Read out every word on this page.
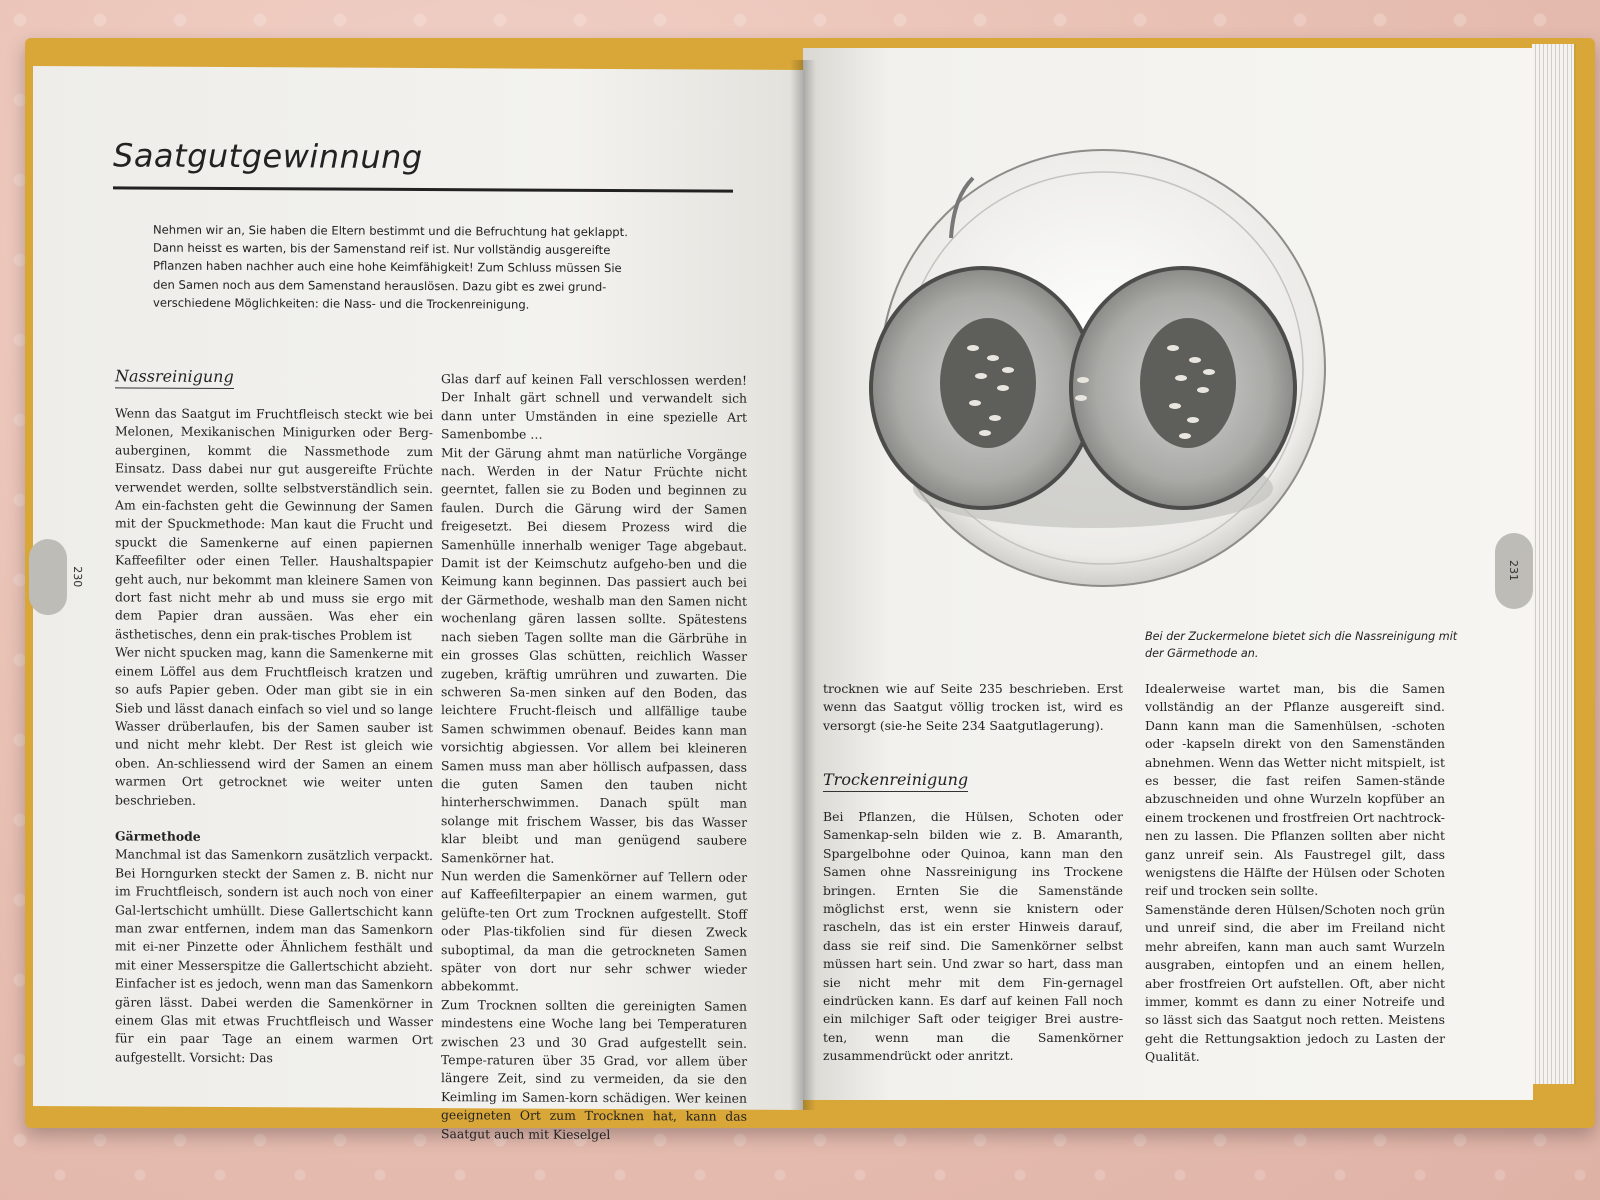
Saatgutgewinnung
Nehmen wir an, Sie haben die Eltern bestimmt und die Befruchtung hat geklappt.
Dann heisst es warten, bis der Samenstand reif ist. Nur vollständig ausgereifte
Pflanzen haben nachher auch eine hohe Keimfähigkeit! Zum Schluss müssen Sie
den Samen noch aus dem Samenstand herauslösen. Dazu gibt es zwei grund-
verschiedene Möglichkeiten: die Nass- und die Trockenreinigung.
Nassreinigung

Wenn das Saatgut im Fruchtfleisch steckt wie bei Melonen, Mexikanischen Minigurken oder Berg-auberginen, kommt die Nassmethode zum Einsatz. Dass dabei nur gut ausgereifte Früchte verwendet werden, sollte selbstverständlich sein. Am ein-fachsten geht die Gewinnung der Samen mit der Spuckmethode: Man kaut die Frucht und spuckt die Samenkerne auf einen papiernen Kaffeefilter oder einen Teller. Haushaltspapier geht auch, nur bekommt man kleinere Samen von dort fast nicht mehr ab und muss sie ergo mit dem Papier dran aussäen. Was eher ein ästhetisches, denn ein prak-tisches Problem ist

Wer nicht spucken mag, kann die Samenkerne mit einem Löffel aus dem Fruchtfleisch kratzen und so aufs Papier geben. Oder man gibt sie in ein Sieb und lässt danach einfach so viel und so lange Wasser drüberlaufen, bis der Samen sauber ist und nicht mehr klebt. Der Rest ist gleich wie oben. An-schliessend wird der Samen an einem warmen Ort getrocknet wie weiter unten beschrieben.

Gärmethode

Manchmal ist das Samenkorn zusätzlich verpackt. Bei Horngurken steckt der Samen z. B. nicht nur im Fruchtfleisch, sondern ist auch noch von einer Gal-lertschicht umhüllt. Diese Gallertschicht kann man zwar entfernen, indem man das Samenkorn mit ei-ner Pinzette oder Ähnlichem festhält und mit einer Messerspitze die Gallertschicht abzieht. Einfacher ist es jedoch, wenn man das Samenkorn gären lässt. Dabei werden die Samenkörner in einem Glas mit etwas Fruchtfleisch und Wasser für ein paar Tage an einem warmen Ort aufgestellt. Vorsicht: Das

Glas darf auf keinen Fall verschlossen werden! Der Inhalt gärt schnell und verwandelt sich dann unter Umständen in eine spezielle Art Samenbombe …

Mit der Gärung ahmt man natürliche Vorgänge nach. Werden in der Natur Früchte nicht geerntet, fallen sie zu Boden und beginnen zu faulen. Durch die Gärung wird der Samen freigesetzt. Bei diesem Prozess wird die Samenhülle innerhalb weniger Tage abgebaut. Damit ist der Keimschutz aufgeho-ben und die Keimung kann beginnen. Das passiert auch bei der Gärmethode, weshalb man den Samen nicht wochenlang gären lassen sollte. Spätestens nach sieben Tagen sollte man die Gärbrühe in ein grosses Glas schütten, reichlich Wasser zugeben, kräftig umrühren und zuwarten. Die schweren Sa-men sinken auf den Boden, das leichtere Frucht-fleisch und allfällige taube Samen schwimmen obenauf. Beides kann man vorsichtig abgiessen. Vor allem bei kleineren Samen muss man aber höllisch aufpassen, dass die guten Samen den tauben nicht hinterherschwimmen. Danach spült man solange mit frischem Wasser, bis das Wasser klar bleibt und man genügend saubere Samenkörner hat.

Nun werden die Samenkörner auf Tellern oder auf Kaffeefilterpapier an einem warmen, gut gelüfte-ten Ort zum Trocknen aufgestellt. Stoff oder Plas-tikfolien sind für diesen Zweck suboptimal, da man die getrockneten Samen später von dort nur sehr schwer wieder abbekommt.

Zum Trocknen sollten die gereinigten Samen mindestens eine Woche lang bei Temperaturen zwischen 23 und 30 Grad aufgestellt sein. Tempe-raturen über 35 Grad, vor allem über längere Zeit, sind zu vermeiden, da sie den Keimling im Samen-korn schädigen. Wer keinen geeigneten Ort zum Trocknen hat, kann das Saatgut auch mit Kieselgel

230
Bei der Zuckermelone bietet sich die Nassreinigung mit der Gärmethode an.

trocknen wie auf Seite 235 beschrieben. Erst wenn das Saatgut völlig trocken ist, wird es versorgt (sie-he Seite 234 Saatgutlagerung).

Trockenreinigung

Bei Pflanzen, die Hülsen, Schoten oder Samenkap-seln bilden wie z. B. Amaranth, Spargelbohne oder Quinoa, kann man den Samen ohne Nassreinigung ins Trockene bringen. Ernten Sie die Samenstände möglichst erst, wenn sie knistern oder rascheln, das ist ein erster Hinweis darauf, dass sie reif sind. Die Samenkörner selbst müssen hart sein. Und zwar so hart, dass man sie nicht mehr mit dem Fin-gernagel eindrücken kann. Es darf auf keinen Fall noch ein milchiger Saft oder teigiger Brei austre-ten, wenn man die Samenkörner zusammendrückt oder anritzt.

Idealerweise wartet man, bis die Samen vollständig an der Pflanze ausgereift sind. Dann kann man die Samenhülsen, -schoten oder -kapseln direkt von den Samenständen abnehmen. Wenn das Wetter nicht mitspielt, ist es besser, die fast reifen Samen-stände abzuschneiden und ohne Wurzeln kopfüber an einem trockenen und frostfreien Ort nachtrock-nen zu lassen. Die Pflanzen sollten aber nicht ganz unreif sein. Als Faustregel gilt, dass wenigstens die Hälfte der Hülsen oder Schoten reif und trocken sein sollte.

Samenstände deren Hülsen/Schoten noch grün und unreif sind, die aber im Freiland nicht mehr abreifen, kann man auch samt Wurzeln ausgraben, eintopfen und an einem hellen, aber frostfreien Ort aufstellen. Oft, aber nicht immer, kommt es dann zu einer Notreife und so lässt sich das Saatgut noch retten. Meistens geht die Rettungsaktion jedoch zu Lasten der Qualität.

231
